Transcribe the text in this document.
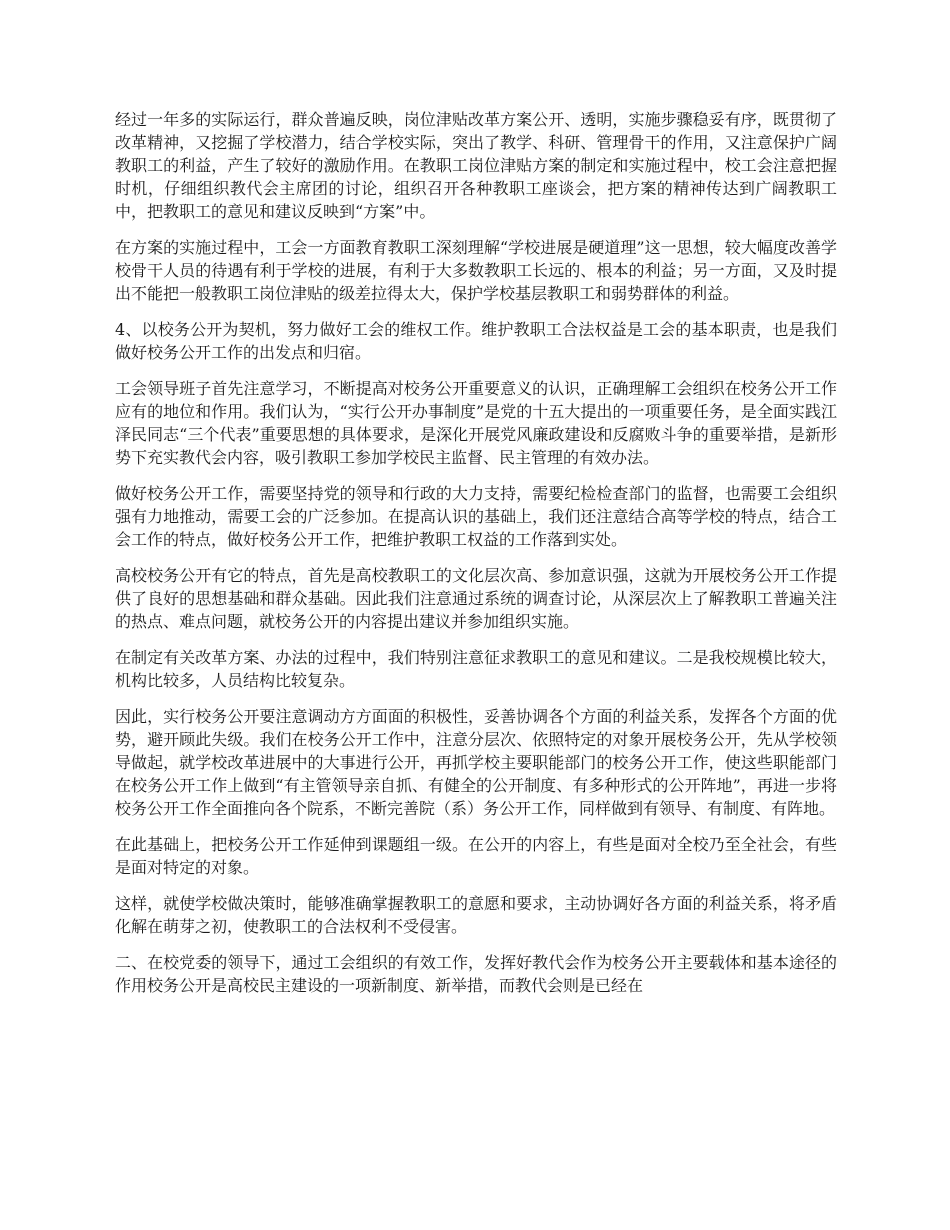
经过一年多的实际运行，群众普遍反映，岗位津贴改革方案公开、透明，实施步骤稳妥有序，既贯彻了改革精神，又挖掘了学校潜力，结合学校实际，突出了教学、科研、管理骨干的作用，又注意保护广阔教职工的利益，产生了较好的激励作用。在教职工岗位津贴方案的制定和实施过程中，校工会注意把握时机，仔细组织教代会主席团的讨论，组织召开各种教职工座谈会，把方案的精神传达到广阔教职工中，把教职工的意见和建议反映到“方案”中。

在方案的实施过程中，工会一方面教育教职工深刻理解“学校进展是硬道理”这一思想，较大幅度改善学校骨干人员的待遇有利于学校的进展，有利于大多数教职工长远的、根本的利益；另一方面，又及时提出不能把一般教职工岗位津贴的级差拉得太大，保护学校基层教职工和弱势群体的利益。

4、以校务公开为契机，努力做好工会的维权工作。维护教职工合法权益是工会的基本职责，也是我们做好校务公开工作的出发点和归宿。

工会领导班子首先注意学习，不断提高对校务公开重要意义的认识，正确理解工会组织在校务公开工作应有的地位和作用。我们认为，“实行公开办事制度”是党的十五大提出的一项重要任务，是全面实践江泽民同志“三个代表”重要思想的具体要求，是深化开展党风廉政建设和反腐败斗争的重要举措，是新形势下充实教代会内容，吸引教职工参加学校民主监督、民主管理的有效办法。

做好校务公开工作，需要坚持党的领导和行政的大力支持，需要纪检检查部门的监督，也需要工会组织强有力地推动，需要工会的广泛参加。在提高认识的基础上，我们还注意结合高等学校的特点，结合工会工作的特点，做好校务公开工作，把维护教职工权益的工作落到实处。

高校校务公开有它的特点，首先是高校教职工的文化层次高、参加意识强，这就为开展校务公开工作提供了良好的思想基础和群众基础。因此我们注意通过系统的调查讨论，从深层次上了解教职工普遍关注的热点、难点问题，就校务公开的内容提出建议并参加组织实施。

在制定有关改革方案、办法的过程中，我们特别注意征求教职工的意见和建议。二是我校规模比较大，机构比较多，人员结构比较复杂。

因此，实行校务公开要注意调动方方面面的积极性，妥善协调各个方面的利益关系，发挥各个方面的优势，避开顾此失级。我们在校务公开工作中，注意分层次、依照特定的对象开展校务公开，先从学校领导做起，就学校改革进展中的大事进行公开，再抓学校主要职能部门的校务公开工作，使这些职能部门在校务公开工作上做到“有主管领导亲自抓、有健全的公开制度、有多种形式的公开阵地”，再进一步将校务公开工作全面推向各个院系，不断完善院（系）务公开工作，同样做到有领导、有制度、有阵地。

在此基础上，把校务公开工作延伸到课题组一级。在公开的内容上，有些是面对全校乃至全社会，有些是面对特定的对象。

这样，就使学校做决策时，能够准确掌握教职工的意愿和要求，主动协调好各方面的利益关系，将矛盾化解在萌芽之初，使教职工的合法权利不受侵害。

二、在校党委的领导下，通过工会组织的有效工作，发挥好教代会作为校务公开主要载体和基本途径的作用校务公开是高校民主建设的一项新制度、新举措，而教代会则是已经在
